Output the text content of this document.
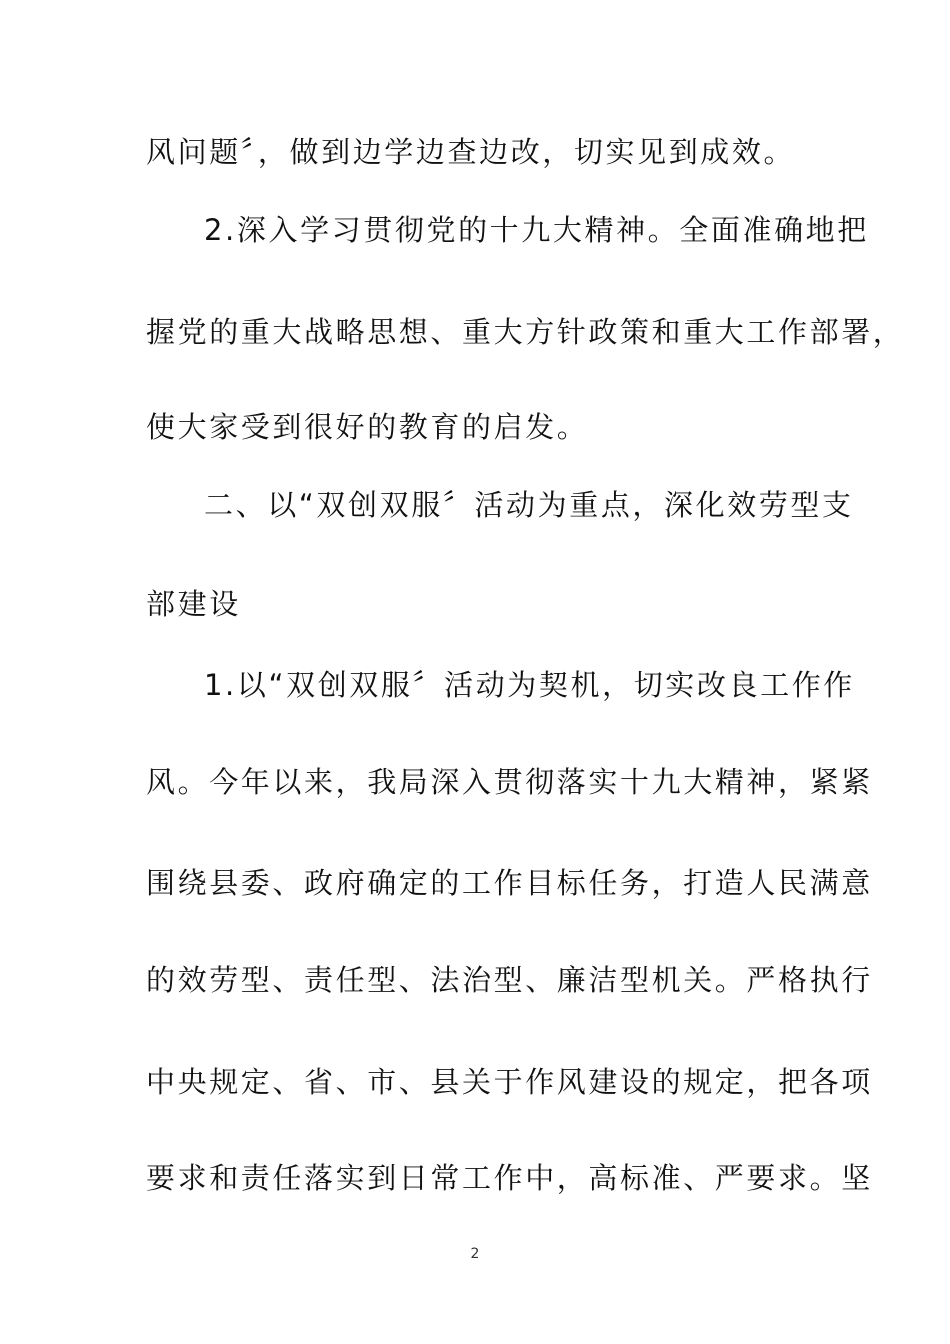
风问题〞，做到边学边查边改，切实见到成效。
2.深入学习贯彻党的十九大精神。全面准确地把
握党的重大战略思想、重大方针政策和重大工作部署，
使大家受到很好的教育的启发。
二、以“双创双服〞活动为重点，深化效劳型支
部建设
1.以“双创双服〞活动为契机，切实改良工作作
风。今年以来，我局深入贯彻落实十九大精神，紧紧
围绕县委、政府确定的工作目标任务，打造人民满意
的效劳型、责任型、法治型、廉洁型机关。严格执行
中央规定、省、市、县关于作风建设的规定，把各项
要求和责任落实到日常工作中，高标准、严要求。坚
2
